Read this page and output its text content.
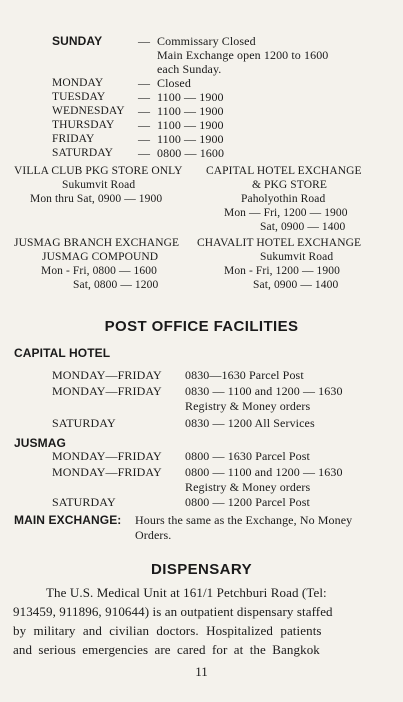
SUNDAY	— Commissary Closed
Main Exchange open 1200 to 1600
each Sunday.
MONDAY	— Closed
TUESDAY	— 1100 — 1900
WEDNESDAY — 1100 — 1900
THURSDAY — 1100 — 1900
FRIDAY	— 1100 — 1900
SATURDAY — 0800 — 1600
VILLA CLUB PKG STORE ONLY
Sukumvit Road
Mon thru Sat, 0900 — 1900
CAPITAL HOTEL EXCHANGE
& PKG STORE
Paholyothin Road
Mon — Fri, 1200 — 1900
Sat, 0900 — 1400
JUSMAG BRANCH EXCHANGE
JUSMAG COMPOUND
Mon - Fri, 0800 — 1600
Sat, 0800 — 1200
CHAVALIT HOTEL EXCHANGE
Sukumvit Road
Mon - Fri, 1200 — 1900
Sat, 0900 — 1400
POST OFFICE FACILITIES
CAPITAL HOTEL
MONDAY—FRIDAY 0830—1630 Parcel Post
MONDAY—FRIDAY 0830 — 1100 and 1200 — 1630
Registry & Money orders
SATURDAY	0830 — 1200 All Services
JUSMAG
MONDAY—FRIDAY 0800 — 1630 Parcel Post
MONDAY—FRIDAY 0800 — 1100 and 1200 — 1630
Registry & Money orders
SATURDAY	0800 — 1200 Parcel Post
MAIN EXCHANGE: Hours the same as the Exchange, No Money
Orders.
DISPENSARY
The U.S. Medical Unit at 161/1 Petchburi Road (Tel:
913459, 911896, 910644) is an outpatient dispensary staffed
by military and civilian doctors. Hospitalized patients
and serious emergencies are cared for at the Bangkok
11
